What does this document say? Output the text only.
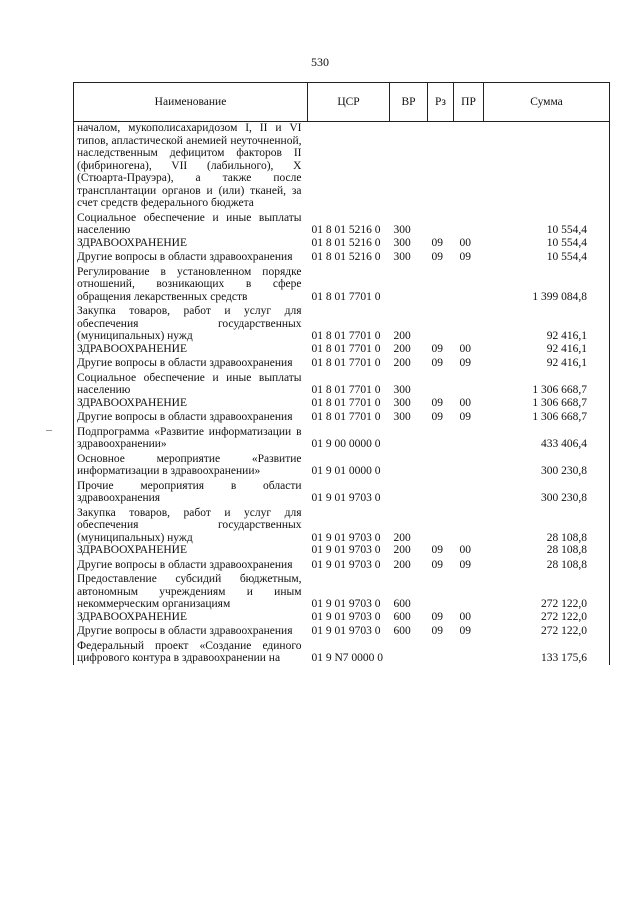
530
Наименование	ЦСР	ВР	Рз	ПР	Сумма
началом, мукополисахаридозом I, II и VI типов, апластической анемией неуточненной, наследственным дефицитом факторов II (фибриногена), VII (лабильного), X (Стюарта-Прауэра), а также после трансплантации органов и (или) тканей, за счет средств федерального бюджета					
Социальное обеспечение и иные выплаты населению	01 8 01 5216 0	300			10 554,4
ЗДРАВООХРАНЕНИЕ	01 8 01 5216 0	300	09	00	10 554,4
Другие вопросы в области здравоохранения	01 8 01 5216 0	300	09	09	10 554,4
Регулирование в установленном порядке отношений, возникающих в сфере обращения лекарственных средств	01 8 01 7701 0				1 399 084,8
Закупка товаров, работ и услуг для обеспечения государственных (муниципальных) нужд	01 8 01 7701 0	200			92 416,1
ЗДРАВООХРАНЕНИЕ	01 8 01 7701 0	200	09	00	92 416,1
Другие вопросы в области здравоохранения	01 8 01 7701 0	200	09	09	92 416,1
Социальное обеспечение и иные выплаты населению	01 8 01 7701 0	300			1 306 668,7
ЗДРАВООХРАНЕНИЕ	01 8 01 7701 0	300	09	00	1 306 668,7
Другие вопросы в области здравоохранения	01 8 01 7701 0	300	09	09	1 306 668,7
Подпрограмма «Развитие информатизации в здравоохранении»	01 9 00 0000 0				433 406,4
Основное мероприятие «Развитие информатизации в здравоохранении»	01 9 01 0000 0				300 230,8
Прочие мероприятия в области здравоохранения	01 9 01 9703 0				300 230,8
Закупка товаров, работ и услуг для обеспечения государственных (муниципальных) нужд	01 9 01 9703 0	200			28 108,8
ЗДРАВООХРАНЕНИЕ	01 9 01 9703 0	200	09	00	28 108,8
Другие вопросы в области здравоохранения	01 9 01 9703 0	200	09	09	28 108,8
Предоставление субсидий бюджетным, автономным учреждениям и иным некоммерческим организациям	01 9 01 9703 0	600			272 122,0
ЗДРАВООХРАНЕНИЕ	01 9 01 9703 0	600	09	00	272 122,0
Другие вопросы в области здравоохранения	01 9 01 9703 0	600	09	09	272 122,0
Федеральный проект «Создание единого цифрового контура в здравоохранении на	01 9 N7 0000 0				133 175,6
